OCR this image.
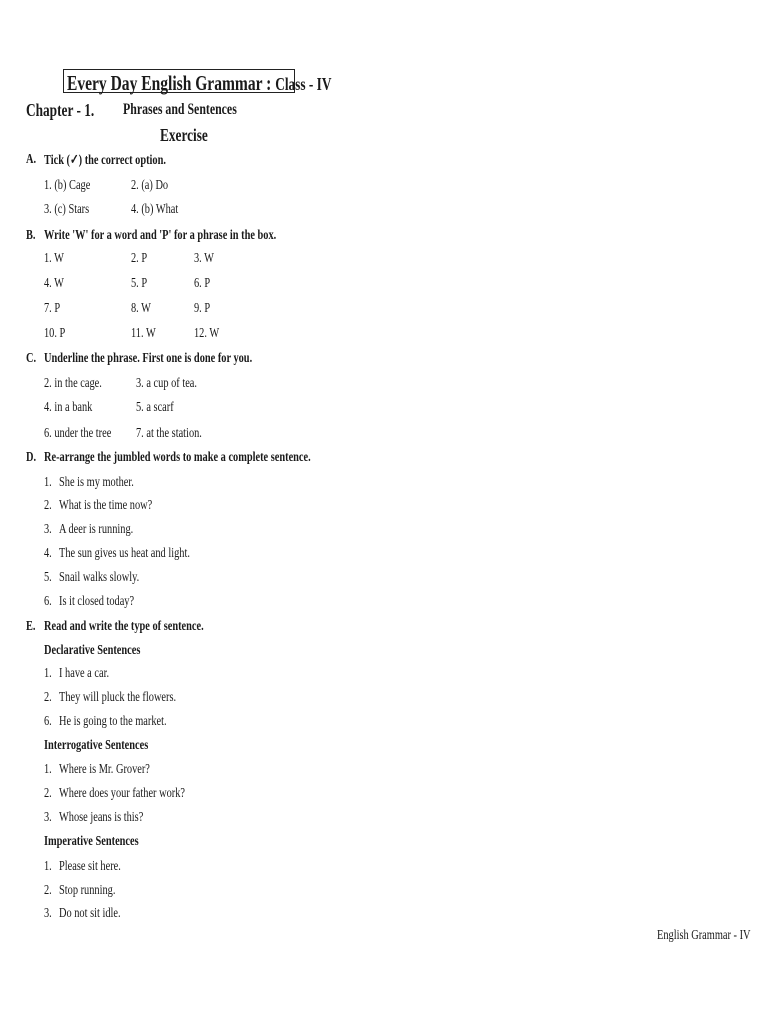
Every Day English Grammar : Class - IV
Chapter - 1.	Phrases and Sentences
Exercise
A. Tick (✓) the correct option.
1. (b) Cage	2. (a) Do
3. (c) Stars	4. (b) What
B. Write 'W' for a word and 'P' for a phrase in the box.
1. W	2. P	3. W
4. W	5. P	6. P
7. P	8. W	9. P
10. P	11. W	12. W
C. Underline the phrase. First one is done for you.
2. in the cage.	3. a cup of tea.
4. in a bank	5. a scarf
6. under the tree	7. at the station.
D. Re-arrange the jumbled words to make a complete sentence.
1. She is my mother.
2. What is the time now?
3. A deer is running.
4. The sun gives us heat and light.
5. Snail walks slowly.
6. Is it closed today?
E. Read and write the type of sentence.
Declarative Sentences
1. I have a car.
2. They will pluck the flowers.
6. He is going to the market.
Interrogative Sentences
1. Where is Mr. Grover?
2. Where does your father work?
3. Whose jeans is this?
Imperative Sentences
1. Please sit here.
2. Stop running.
3. Do not sit idle.
English Grammar - IV
